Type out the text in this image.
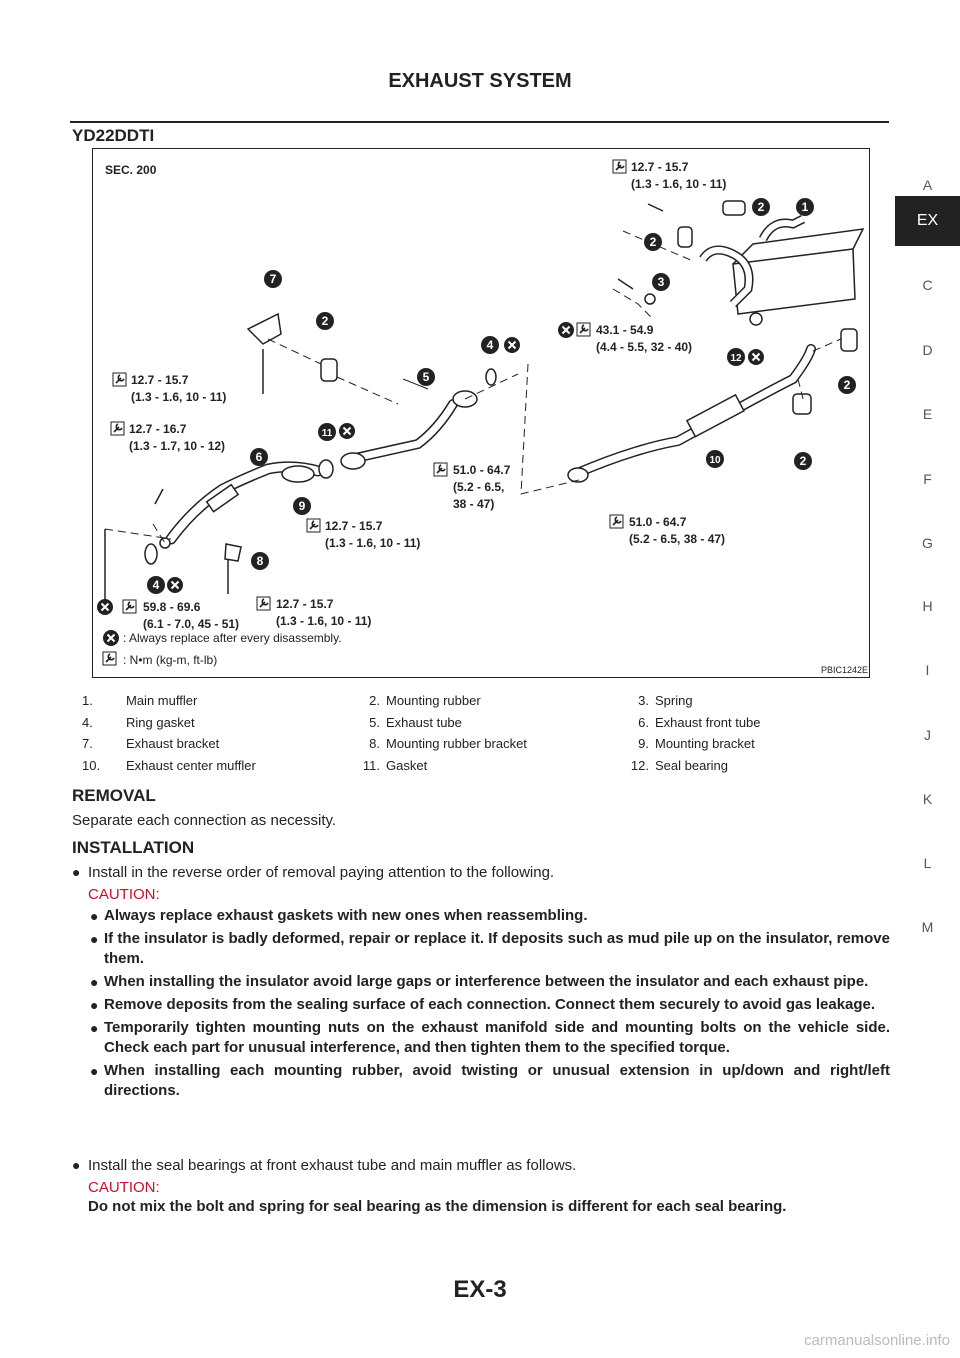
EXHAUST SYSTEM
YD22DDTI
SEC. 200
1
2
2
3
7
2
4
5
11
6
9
8
4
12
10	2
2
12.7 - 15.7
(1.3 - 1.6, 10 - 11)
43.1 - 54.9
(4.4 - 5.5, 32 - 40)
12.7 - 15.7
(1.3 - 1.6, 10 - 11)
12.7 - 16.7
(1.3 - 1.7, 10 - 12)
51.0 - 64.7
(5.2 - 6.5,
38 - 47)
12.7 - 15.7
(1.3 - 1.6, 10 - 11)
51.0 - 64.7
(5.2 - 6.5, 38 - 47)
59.8 - 69.6
(6.1 - 7.0, 45 - 51)
12.7 - 15.7
(1.3 - 1.6, 10 - 11)
: Always replace after every disassembly.
: N•m (kg-m, ft-lb)
PBIC1242E
1.	Main muffler	2. Mounting rubber	3. Spring
4.	Ring gasket	5. Exhaust tube	6. Exhaust front tube
7.	Exhaust bracket	8. Mounting rubber bracket	9. Mounting bracket
10.	Exhaust center muffler	11. Gasket	12. Seal bearing
REMOVAL
Separate each connection as necessity.
INSTALLATION
● Install in the reverse order of removal paying attention to the following.
CAUTION:
● Always replace exhaust gaskets with new ones when reassembling.
● If the insulator is badly deformed, repair or replace it. If deposits such as mud pile up on the insulator, remove them.
● When installing the insulator avoid large gaps or interference between the insulator and each exhaust pipe.
● Remove deposits from the sealing surface of each connection. Connect them securely to avoid gas leakage.
● Temporarily tighten mounting nuts on the exhaust manifold side and mounting bolts on the vehicle side. Check each part for unusual interference, and then tighten them to the specified torque.
● When installing each mounting rubber, avoid twisting or unusual extension in up/down and right/left directions.
● Install the seal bearings at front exhaust tube and main muffler as follows.
CAUTION:
Do not mix the bolt and spring for seal bearing as the dimension is different for each seal bearing.
A
EX
C
D
E
F
G
H
I
J
K
L
M
EX-3
carmanualsonline.info
